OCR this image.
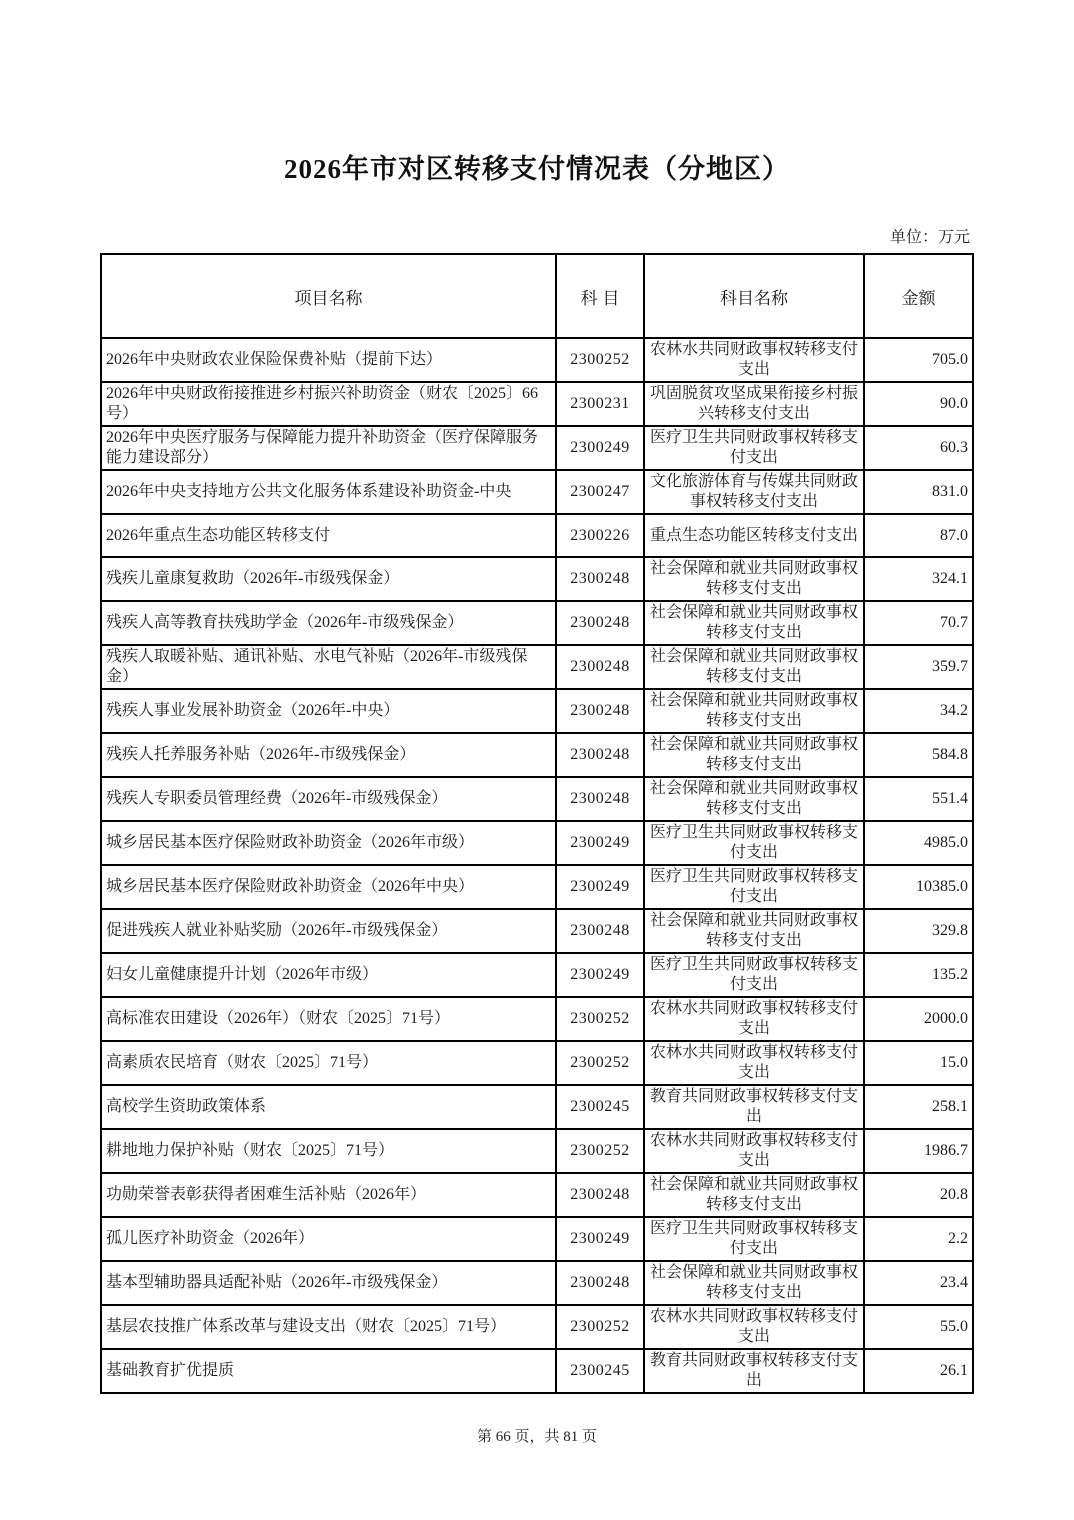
2026年市对区转移支付情况表（分地区）
单位：万元
项目名称	科 目	科目名称	金额
2026年中央财政农业保险保费补贴（提前下达）	2300252	农林水共同财政事权转移支付支出	705.0
2026年中央财政衔接推进乡村振兴补助资金（财农〔2025〕66号）	2300231	巩固脱贫攻坚成果衔接乡村振兴转移支付支出	90.0
2026年中央医疗服务与保障能力提升补助资金（医疗保障服务能力建设部分）	2300249	医疗卫生共同财政事权转移支付支出	60.3
2026年中央支持地方公共文化服务体系建设补助资金-中央	2300247	文化旅游体育与传媒共同财政事权转移支付支出	831.0
2026年重点生态功能区转移支付	2300226	重点生态功能区转移支付支出	87.0
残疾儿童康复救助（2026年-市级残保金）	2300248	社会保障和就业共同财政事权转移支付支出	324.1
残疾人高等教育扶残助学金（2026年-市级残保金）	2300248	社会保障和就业共同财政事权转移支付支出	70.7
残疾人取暖补贴、通讯补贴、水电气补贴（2026年-市级残保金）	2300248	社会保障和就业共同财政事权转移支付支出	359.7
残疾人事业发展补助资金（2026年-中央）	2300248	社会保障和就业共同财政事权转移支付支出	34.2
残疾人托养服务补贴（2026年-市级残保金）	2300248	社会保障和就业共同财政事权转移支付支出	584.8
残疾人专职委员管理经费（2026年-市级残保金）	2300248	社会保障和就业共同财政事权转移支付支出	551.4
城乡居民基本医疗保险财政补助资金（2026年市级）	2300249	医疗卫生共同财政事权转移支付支出	4985.0
城乡居民基本医疗保险财政补助资金（2026年中央）	2300249	医疗卫生共同财政事权转移支付支出	10385.0
促进残疾人就业补贴奖励（2026年-市级残保金）	2300248	社会保障和就业共同财政事权转移支付支出	329.8
妇女儿童健康提升计划（2026年市级）	2300249	医疗卫生共同财政事权转移支付支出	135.2
高标准农田建设（2026年）（财农〔2025〕71号）	2300252	农林水共同财政事权转移支付支出	2000.0
高素质农民培育（财农〔2025〕71号）	2300252	农林水共同财政事权转移支付支出	15.0
高校学生资助政策体系	2300245	教育共同财政事权转移支付支出	258.1
耕地地力保护补贴（财农〔2025〕71号）	2300252	农林水共同财政事权转移支付支出	1986.7
功勋荣誉表彰获得者困难生活补贴（2026年）	2300248	社会保障和就业共同财政事权转移支付支出	20.8
孤儿医疗补助资金（2026年）	2300249	医疗卫生共同财政事权转移支付支出	2.2
基本型辅助器具适配补贴（2026年-市级残保金）	2300248	社会保障和就业共同财政事权转移支付支出	23.4
基层农技推广体系改革与建设支出（财农〔2025〕71号）	2300252	农林水共同财政事权转移支付支出	55.0
基础教育扩优提质	2300245	教育共同财政事权转移支付支出	26.1
第 66 页，共 81 页
